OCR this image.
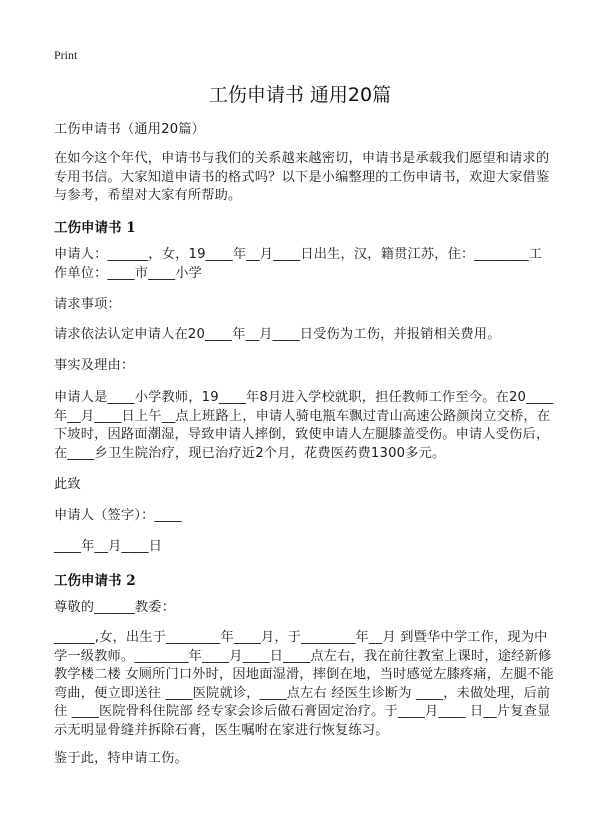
Print
工伤申请书 通用20篇
工伤申请书（通用20篇）
在如今这个年代，申请书与我们的关系越来越密切，申请书是承载我们愿望和请求的专用书信。大家知道申请书的格式吗？以下是小编整理的工伤申请书，欢迎大家借鉴与参考，希望对大家有所帮助。
工伤申请书 1
申请人：______，女，19____年__月____日出生，汉，籍贯江苏，住：________工作单位：____市____小学
请求事项：
请求依法认定申请人在20____年__月____日受伤为工伤，并报销相关费用。
事实及理由：
申请人是____小学教师，19____年8月进入学校就职，担任教师工作至今。在20____年__月____日上午__点上班路上，申请人骑电瓶车飘过青山高速公路颜岗立交桥，在下坡时，因路面潮湿，导致申请人摔倒，致使申请人左腿膝盖受伤。申请人受伤后，在____乡卫生院治疗，现已治疗近2个月，花费医药费1300多元。
此致
申请人（签字）：____
____年__月____日
工伤申请书 2
尊敬的______教委：
______,女，出生于________年____月，于________年__月 到暨华中学工作，现为中学一级教师。________年____月____日____点左右，我在前往教室上课时，途经新修教学楼二楼 女厕所门口外时，因地面湿滑，摔倒在地，当时感觉左膝疼痛，左腿不能弯曲，便立即送往 ____医院就诊，____点左右 经医生诊断为 ____，未做处理，后前往 ____医院骨科住院部 经专家会诊后做石膏固定治疗。于____月____ 日__片复查显 示无明显骨缝并拆除石膏，医生嘱咐在家进行恢复练习。
鉴于此，特申请工伤。
